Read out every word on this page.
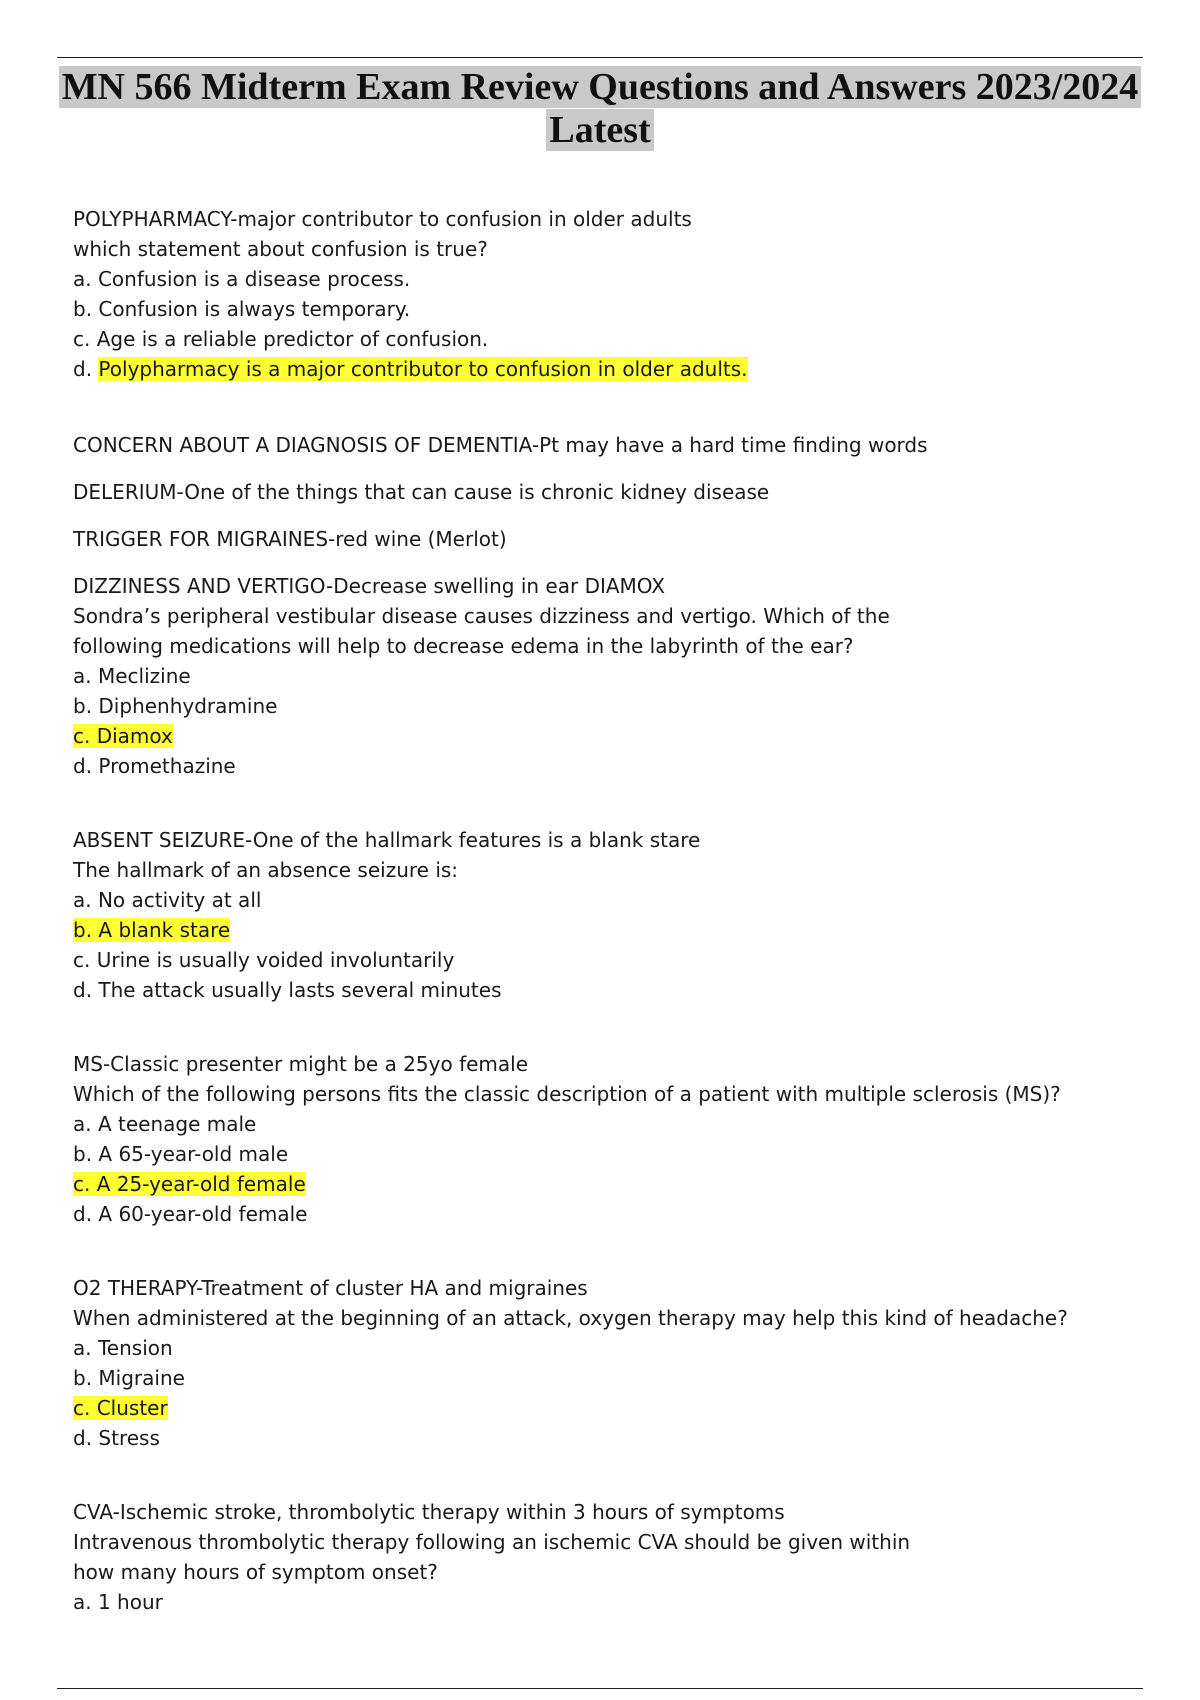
MN 566 Midterm Exam Review Questions and Answers 2023/2024
Latest
POLYPHARMACY-major contributor to confusion in older adults
which statement about confusion is true?
a. Confusion is a disease process.
b. Confusion is always temporary.
c. Age is a reliable predictor of confusion.
d. Polypharmacy is a major contributor to confusion in older adults.
CONCERN ABOUT A DIAGNOSIS OF DEMENTIA-Pt may have a hard time finding words
DELERIUM-One of the things that can cause is chronic kidney disease
TRIGGER FOR MIGRAINES-red wine (Merlot)
DIZZINESS AND VERTIGO-Decrease swelling in ear DIAMOX
Sondra’s peripheral vestibular disease causes dizziness and vertigo. Which of the following medications will help to decrease edema in the labyrinth of the ear?
a. Meclizine
b. Diphenhydramine
c. Diamox
d. Promethazine
ABSENT SEIZURE-One of the hallmark features is a blank stare
The hallmark of an absence seizure is:
a. No activity at all
b. A blank stare
c. Urine is usually voided involuntarily
d. The attack usually lasts several minutes
MS-Classic presenter might be a 25yo female
Which of the following persons fits the classic description of a patient with multiple sclerosis (MS)?
a. A teenage male
b. A 65-year-old male
c. A 25-year-old female
d. A 60-year-old female
O2 THERAPY-Treatment of cluster HA and migraines
When administered at the beginning of an attack, oxygen therapy may help this kind of headache?
a. Tension
b. Migraine
c. Cluster
d. Stress
CVA-Ischemic stroke, thrombolytic therapy within 3 hours of symptoms
Intravenous thrombolytic therapy following an ischemic CVA should be given within how many hours of symptom onset?
a. 1 hour
